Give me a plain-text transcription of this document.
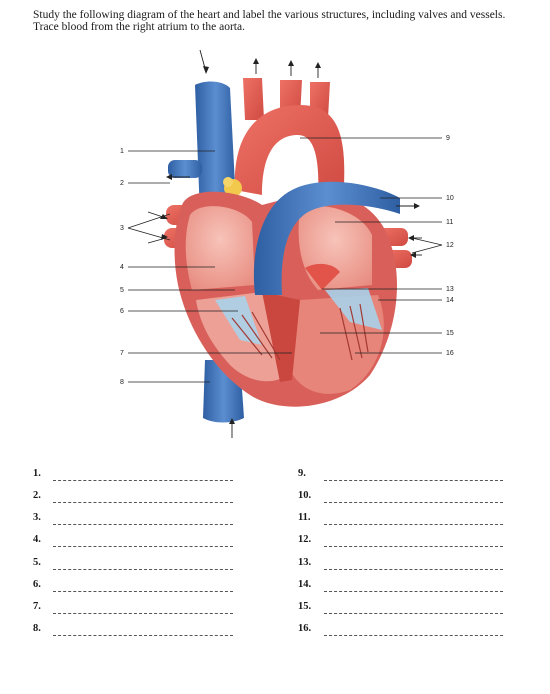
Study the following diagram of the heart and label the various structures, including valves and vessels. Trace blood from the right atrium to the aorta.

1
2
3
4
5
6
7
8
9
10
11
12
13
14
15
16
1.
2.
3.
4.
5.
6.
7.
8.
9.
10.
11.
12.
13.
14.
15.
16.
